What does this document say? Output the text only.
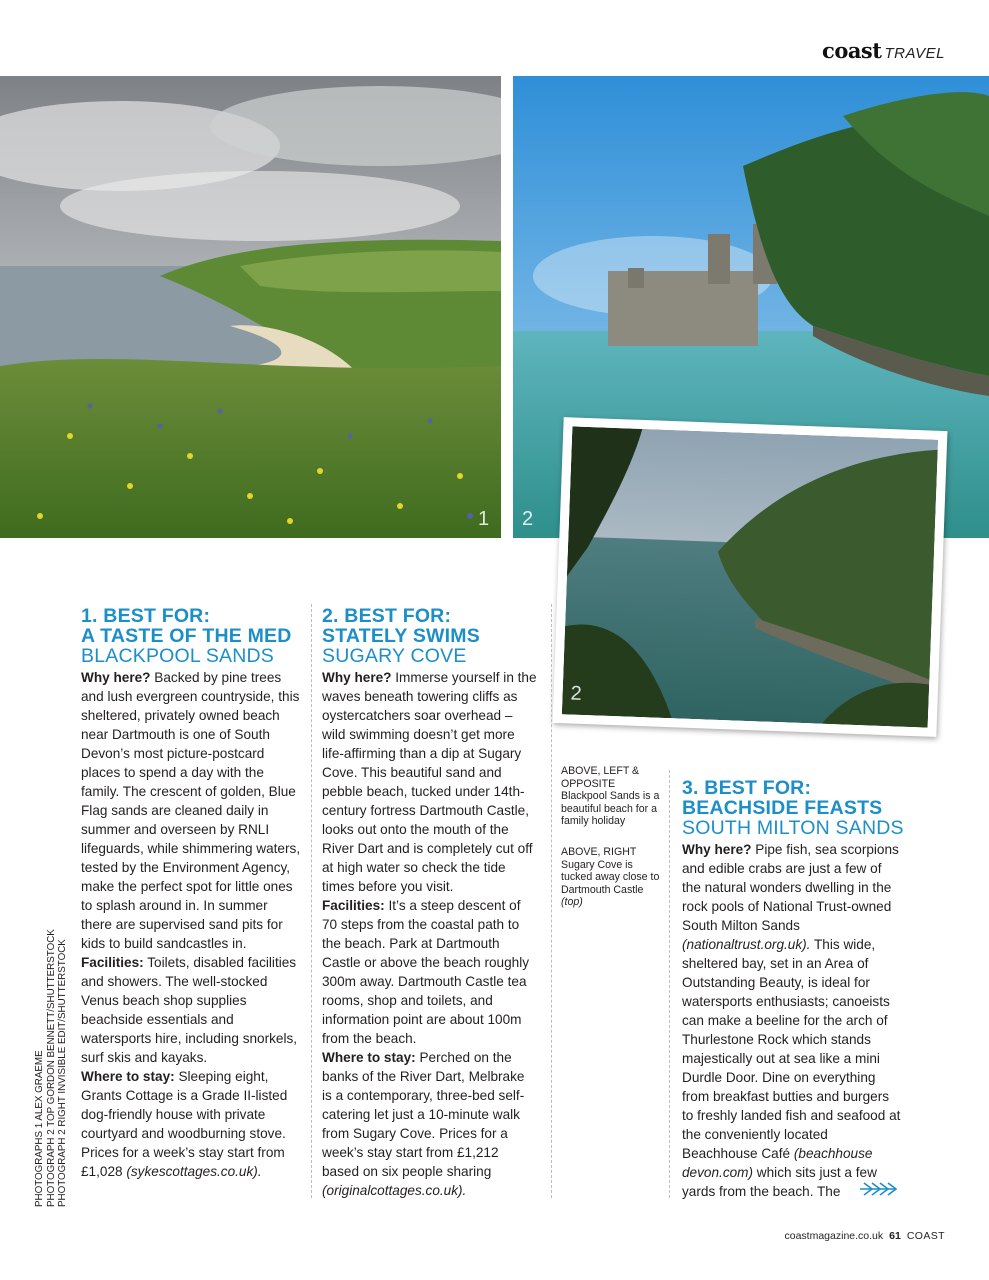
coast TRAVEL
1 2
2
1. BEST FOR:
A TASTE OF THE MED
BLACKPOOL SANDS

Why here? Backed by pine trees and lush evergreen countryside, this sheltered, privately owned beach near Dartmouth is one of South Devon’s most picture-postcard places to spend a day with the family. The crescent of golden, Blue Flag sands are cleaned daily in summer and overseen by RNLI lifeguards, while shimmering waters, tested by the Environment Agency, make the perfect spot for little ones to splash around in. In summer there are supervised sand pits for kids to build sandcastles in.

Facilities: Toilets, disabled facilities and showers. The well-stocked Venus beach shop supplies beachside essentials and watersports hire, including snorkels, surf skis and kayaks.

Where to stay: Sleeping eight, Grants Cottage is a Grade II-listed dog-friendly house with private courtyard and woodburning stove. Prices for a week’s stay start from £1,028 (sykescottages.co.uk).

2. BEST FOR:
STATELY SWIMS
SUGARY COVE

Why here? Immerse yourself in the waves beneath towering cliffs as oystercatchers soar overhead – wild swimming doesn’t get more life-affirming than a dip at Sugary Cove. This beautiful sand and pebble beach, tucked under 14th-century fortress Dartmouth Castle, looks out onto the mouth of the River Dart and is completely cut off at high water so check the tide times before you visit.

Facilities: It’s a steep descent of 70 steps from the coastal path to the beach. Park at Dartmouth Castle or above the beach roughly 300m away. Dartmouth Castle tea rooms, shop and toilets, and information point are about 100m from the beach.

Where to stay: Perched on the banks of the River Dart, Melbrake is a contemporary, three-bed self-catering let just a 10-minute walk from Sugary Cove. Prices for a week’s stay start from £1,212 based on six people sharing (originalcottages.co.uk).

ABOVE, LEFT & OPPOSITE
Blackpool Sands is a beautiful beach for a family holiday
ABOVE, RIGHT
Sugary Cove is tucked away close to Dartmouth Castle (top)
3. BEST FOR:
BEACHSIDE FEASTS
SOUTH MILTON SANDS

Why here? Pipe fish, sea scorpions and edible crabs are just a few of the natural wonders dwelling in the rock pools of National Trust-owned South Milton Sands (nationaltrust.org.uk). This wide, sheltered bay, set in an Area of Outstanding Beauty, is ideal for watersports enthusiasts; canoeists can make a beeline for the arch of Thurlestone Rock which stands majestically out at sea like a mini Durdle Door. Dine on everything from breakfast butties and burgers to freshly landed fish and seafood at the conveniently located Beachhouse Café (beachhouse devon.com) which sits just a few yards from the beach. The

PHOTOGRAPHS 1 ALEX GRAEME PHOTOGRAPH 2 TOP GORDON BENNETT/SHUTTERSTOCK PHOTOGRAPH 2 RIGHT INVISIBLE EDIT/SHUTTERSTOCK
coastmagazine.co.uk 61 COAST
